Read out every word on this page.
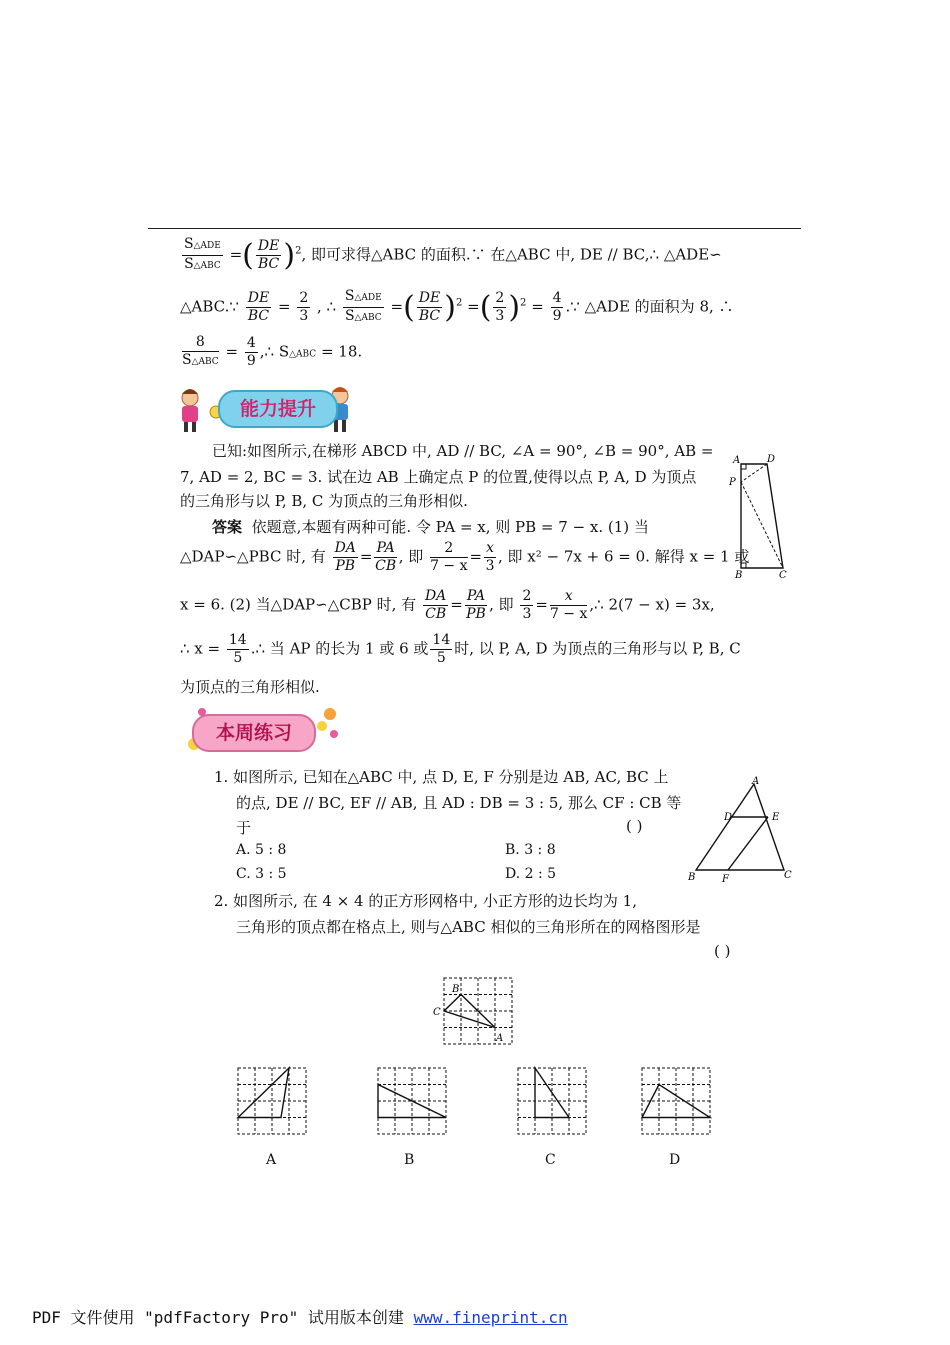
$\frac{\text{S△ADE}}{\text{S△ABC}}$ =( $\frac{DE}{BC} )^2$, 即可求得△ABC 的面积.∵ 在△ABC 中, DE // BC,∴ △ADE∽
△ABC.∵ $\frac{DE}{BC} = \frac{2}{3}$ , ∴ $\frac{\text{S△ADE}}{\text{S△ABC}}$ =( $\frac{DE}{BC} )^2$ =( $\frac{2}{3} )^2 = \frac{4}{9}$ .∵ △ADE 的面积为 8, ∴
$\frac{8}{\text{S△ABC}} = \frac{4}{9}$ ,∴ S△ABC = 18.
能力提升
已知:如图所示,在梯形 ABCD 中, AD // BC, ∠A = 90°, ∠B = 90°, AB =
7, AD = 2, BC = 3. 试在边 AB 上确定点 P 的位置,使得以点 P, A, D 为顶点
的三角形与以 P, B, C 为顶点的三角形相似.
答案 依题意,本题有两种可能. 令 PA = x, 则 PB = 7 − x. (1) 当
△DAP∽△PBC 时, 有 $\frac{DA}{PB} = \frac{PA}{CB}$ , 即 $\frac{2}{7 - x} = \frac{x}{3}$ , 即 x² − 7x + 6 = 0. 解得 x = 1 或
x = 6. (2) 当△DAP∽△CBP 时, 有 $\frac{DA}{CB} = \frac{PA}{PB}$ , 即 $\frac{2}{3} = \frac{x}{7 - x}$ ,∴ 2(7 − x) = 3x,
∴ $x = \frac{14}{5}$ .∴ 当 AP 的长为 1 或 6 或 $\frac{14}{5}$ 时, 以 P, A, D 为顶点的三角形与以 P, B, C
为顶点的三角形相似.
A	D
P
B	C
本周练习
1. 如图所示, 已知在△ABC 中, 点 D, E, F 分别是边 AB, AC, BC 上
的点, DE // BC, EF // AB, 且 AD : DB = 3 : 5, 那么 CF : CB 等
于	( )
A. 5 : 8	B. 3 : 8
C. 3 : 5	D. 2 : 5
A
D	E
B	F	C
2. 如图所示, 在 4 × 4 的正方形网格中, 小正方形的边长均为 1,
三角形的顶点都在格点上, 则与△ABC 相似的三角形所在的网格图形是
( )
B
C
A
A	B	C	D
PDF 文件使用 "pdfFactory Pro" 试用版本创建 www.fineprint.cn
